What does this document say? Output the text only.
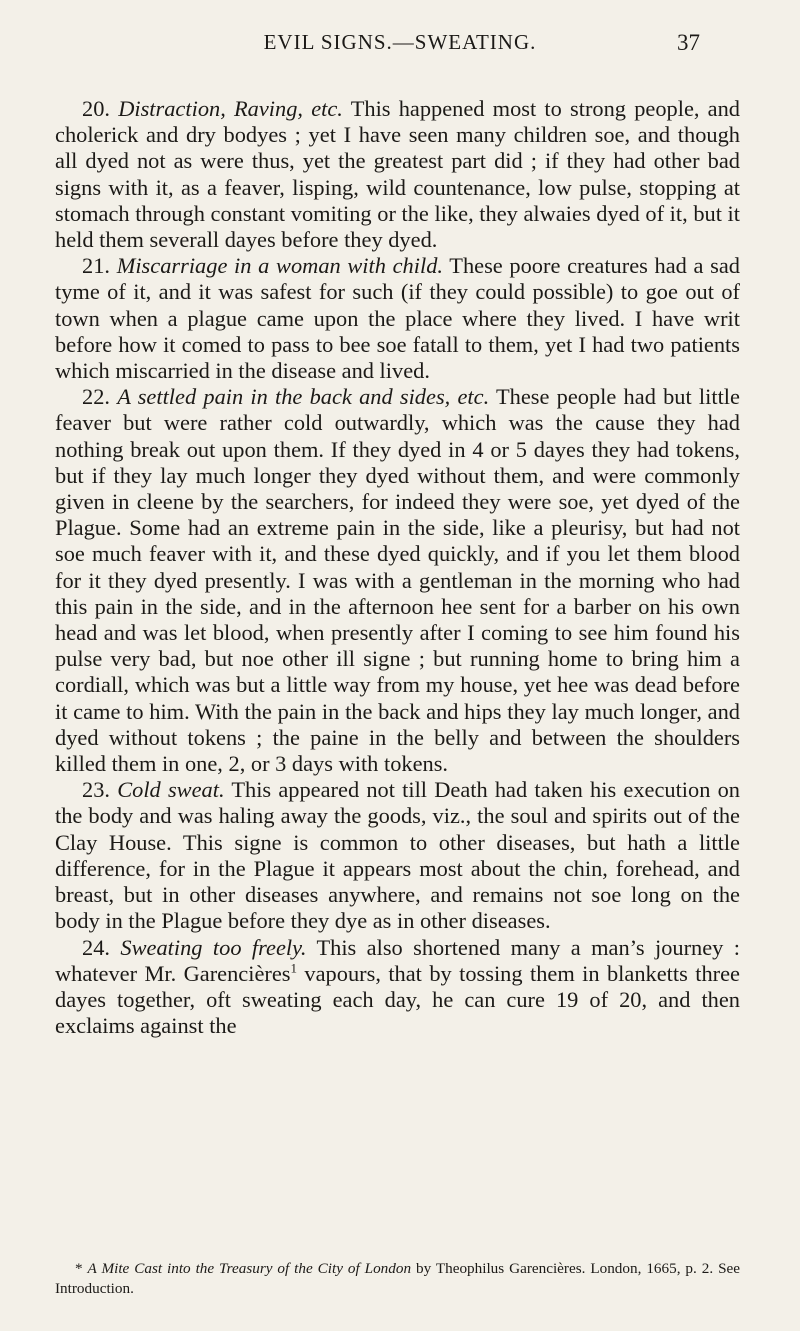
EVIL SIGNS.—SWEATING.	37

20. Distraction, Raving, etc. This happened most to strong people, and cholerick and dry bodyes ; yet I have seen many children soe, and though all dyed not as were thus, yet the greatest part did ; if they had other bad signs with it, as a feaver, lisping, wild countenance, low pulse, stopping at stomach through constant vomiting or the like, they alwaies dyed of it, but it held them severall dayes before they dyed.

21. Miscarriage in a woman with child. These poore creatures had a sad tyme of it, and it was safest for such (if they could possible) to goe out of town when a plague came upon the place where they lived. I have writ before how it comed to pass to bee soe fatall to them, yet I had two patients which miscarried in the disease and lived.

22. A settled pain in the back and sides, etc. These people had but little feaver but were rather cold outwardly, which was the cause they had nothing break out upon them. If they dyed in 4 or 5 dayes they had tokens, but if they lay much longer they dyed without them, and were commonly given in cleene by the searchers, for indeed they were soe, yet dyed of the Plague. Some had an extreme pain in the side, like a pleurisy, but had not soe much feaver with it, and these dyed quickly, and if you let them blood for it they dyed presently. I was with a gentleman in the morning who had this pain in the side, and in the afternoon hee sent for a barber on his own head and was let blood, when presently after I coming to see him found his pulse very bad, but noe other ill signe ; but running home to bring him a cordiall, which was but a little way from my house, yet hee was dead before it came to him. With the pain in the back and hips they lay much longer, and dyed without tokens ; the paine in the belly and between the shoulders killed them in one, 2, or 3 days with tokens.

23. Cold sweat. This appeared not till Death had taken his execution on the body and was haling away the goods, viz., the soul and spirits out of the Clay House. This signe is common to other diseases, but hath a little difference, for in the Plague it appears most about the chin, forehead, and breast, but in other diseases anywhere, and remains not soe long on the body in the Plague before they dye as in other diseases.

24. Sweating too freely. This also shortened many a man’s journey : whatever Mr. Garencières$^1$ vapours, that by tossing them in blanketts three dayes together, oft sweating each day, he can cure 19 of 20, and then exclaims against the

* A Mite Cast into the Treasury of the City of London by Theophilus Garencières. London, 1665, p. 2. See Introduction.
